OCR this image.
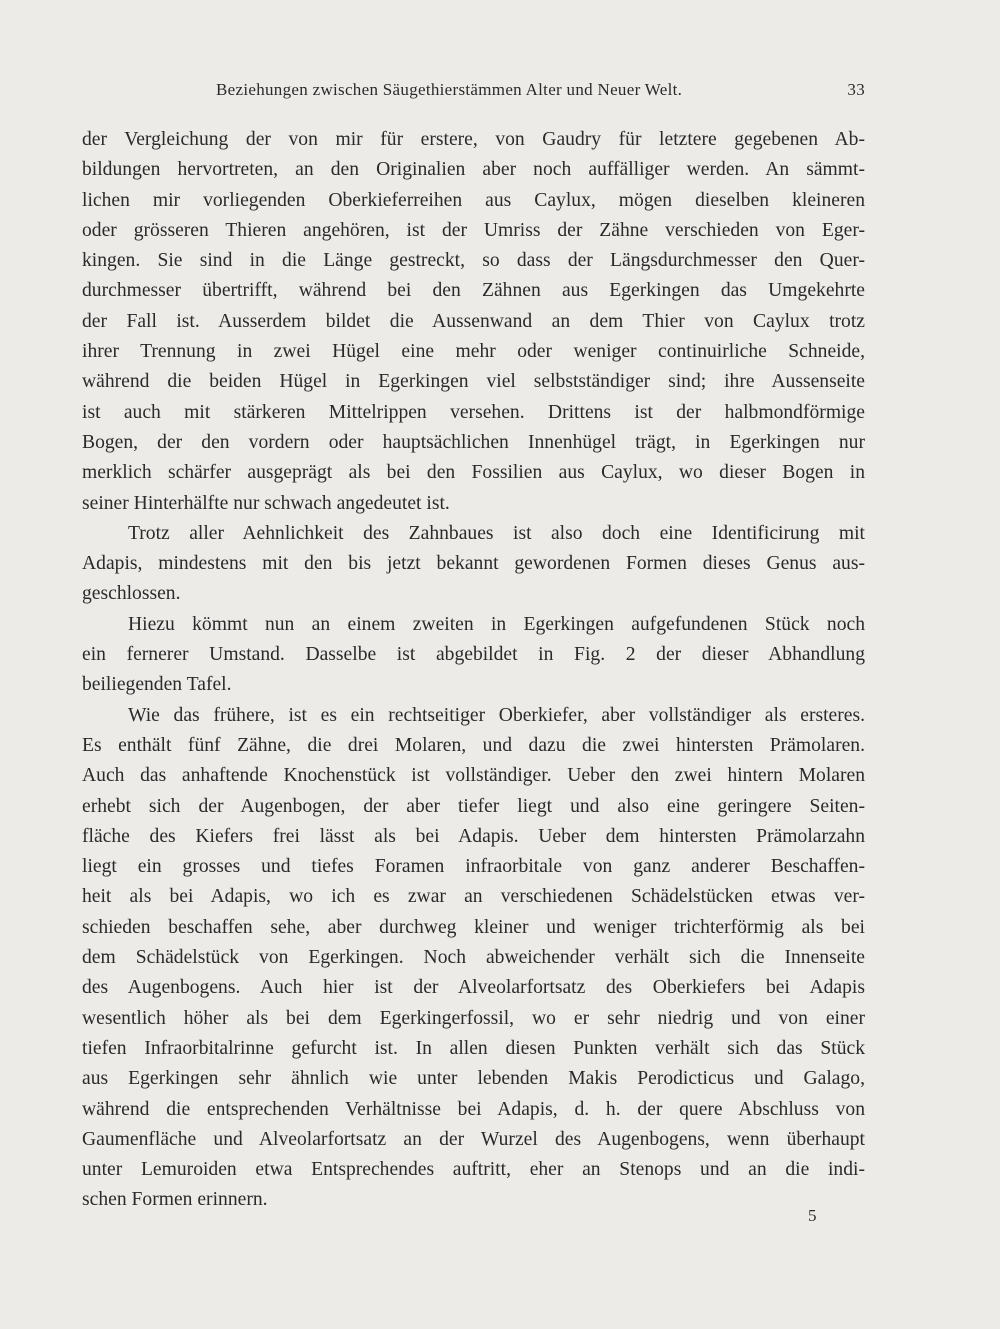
Beziehungen zwischen Säugethierstämmen Alter und Neuer Welt.	33
der Vergleichung der von mir für erstere, von Gaudry für letztere gegebenen Ab-
bildungen hervortreten, an den Originalien aber noch auffälliger werden. An sämmt-
lichen mir vorliegenden Oberkieferreihen aus Caylux, mögen dieselben kleineren
oder grösseren Thieren angehören, ist der Umriss der Zähne verschieden von Eger-
kingen. Sie sind in die Länge gestreckt, so dass der Längsdurchmesser den Quer-
durchmesser übertrifft, während bei den Zähnen aus Egerkingen das Umgekehrte
der Fall ist. Ausserdem bildet die Aussenwand an dem Thier von Caylux trotz
ihrer Trennung in zwei Hügel eine mehr oder weniger continuirliche Schneide,
während die beiden Hügel in Egerkingen viel selbstständiger sind; ihre Aussenseite
ist auch mit stärkeren Mittelrippen versehen. Drittens ist der halbmondförmige
Bogen, der den vordern oder hauptsächlichen Innenhügel trägt, in Egerkingen nur
merklich schärfer ausgeprägt als bei den Fossilien aus Caylux, wo dieser Bogen in
seiner Hinterhälfte nur schwach angedeutet ist.
Trotz aller Aehnlichkeit des Zahnbaues ist also doch eine Identificirung mit
Adapis, mindestens mit den bis jetzt bekannt gewordenen Formen dieses Genus aus-
geschlossen.
Hiezu kömmt nun an einem zweiten in Egerkingen aufgefundenen Stück noch
ein fernerer Umstand. Dasselbe ist abgebildet in Fig. 2 der dieser Abhandlung
beiliegenden Tafel.
Wie das frühere, ist es ein rechtseitiger Oberkiefer, aber vollständiger als ersteres.
Es enthält fünf Zähne, die drei Molaren, und dazu die zwei hintersten Prämolaren.
Auch das anhaftende Knochenstück ist vollständiger. Ueber den zwei hintern Molaren
erhebt sich der Augenbogen, der aber tiefer liegt und also eine geringere Seiten-
fläche des Kiefers frei lässt als bei Adapis. Ueber dem hintersten Prämolarzahn
liegt ein grosses und tiefes Foramen infraorbitale von ganz anderer Beschaffen-
heit als bei Adapis, wo ich es zwar an verschiedenen Schädelstücken etwas ver-
schieden beschaffen sehe, aber durchweg kleiner und weniger trichterförmig als bei
dem Schädelstück von Egerkingen. Noch abweichender verhält sich die Innenseite
des Augenbogens. Auch hier ist der Alveolarfortsatz des Oberkiefers bei Adapis
wesentlich höher als bei dem Egerkingerfossil, wo er sehr niedrig und von einer
tiefen Infraorbitalrinne gefurcht ist. In allen diesen Punkten verhält sich das Stück
aus Egerkingen sehr ähnlich wie unter lebenden Makis Perodicticus und Galago,
während die entsprechenden Verhältnisse bei Adapis, d. h. der quere Abschluss von
Gaumenfläche und Alveolarfortsatz an der Wurzel des Augenbogens, wenn überhaupt
unter Lemuroiden etwa Entsprechendes auftritt, eher an Stenops und an die indi-
schen Formen erinnern.
5
